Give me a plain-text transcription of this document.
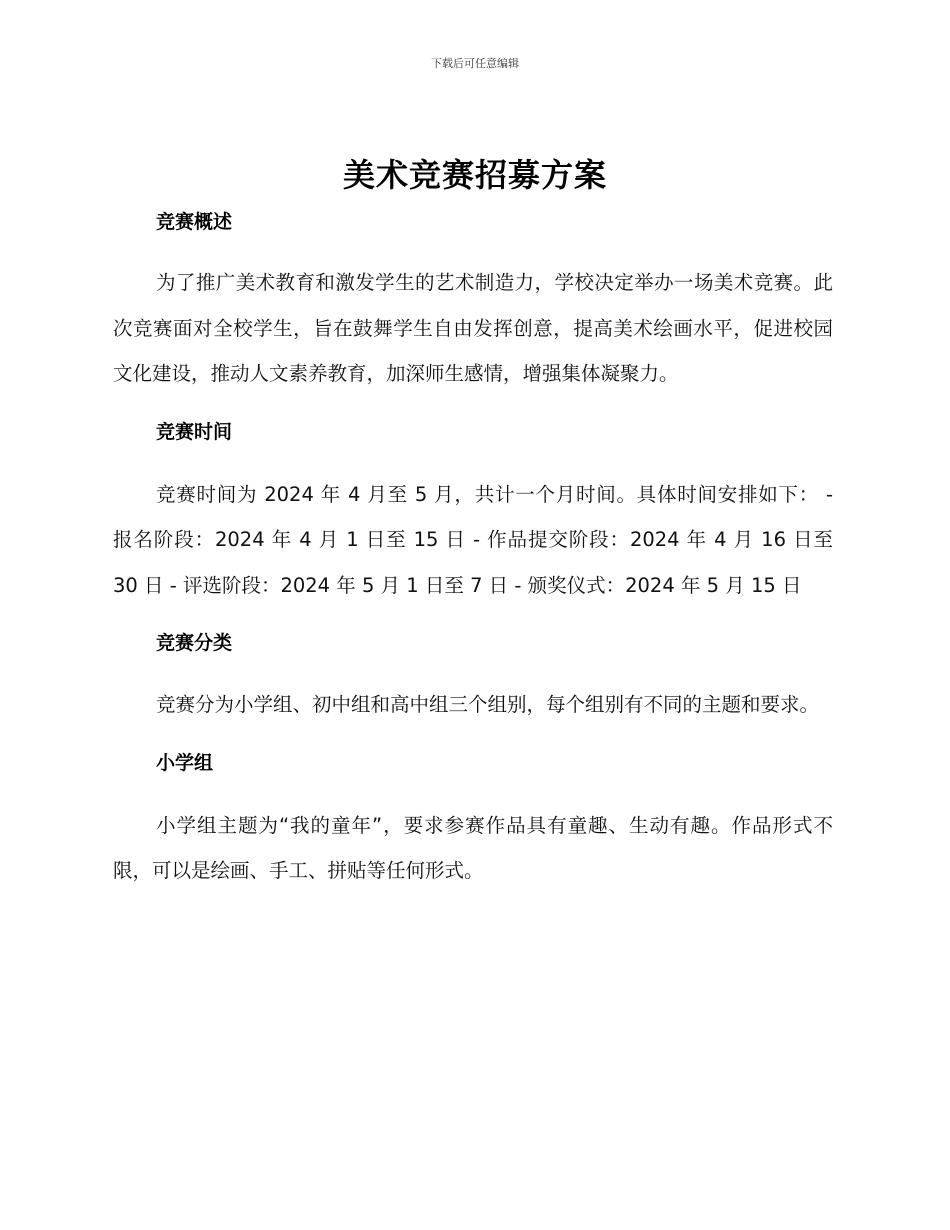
下载后可任意编辑
美术竞赛招募方案
竞赛概述

为了推广美术教育和激发学生的艺术制造力，学校决定举办一场美术竞赛。此次竞赛面对全校学生，旨在鼓舞学生自由发挥创意，提高美术绘画水平，促进校园文化建设，推动人文素养教育，加深师生感情，增强集体凝聚力。

竞赛时间

竞赛时间为 2024 年 4 月至 5 月，共计一个月时间。具体时间安排如下： - 报名阶段：2024 年 4 月 1 日至 15 日 - 作品提交阶段：2024 年 4 月 16 日至 30 日 - 评选阶段：2024 年 5 月 1 日至 7 日 - 颁奖仪式：2024 年 5 月 15 日

竞赛分类

竞赛分为小学组、初中组和高中组三个组别，每个组别有不同的主题和要求。

小学组

小学组主题为“我的童年”，要求参赛作品具有童趣、生动有趣。作品形式不限，可以是绘画、手工、拼贴等任何形式。
